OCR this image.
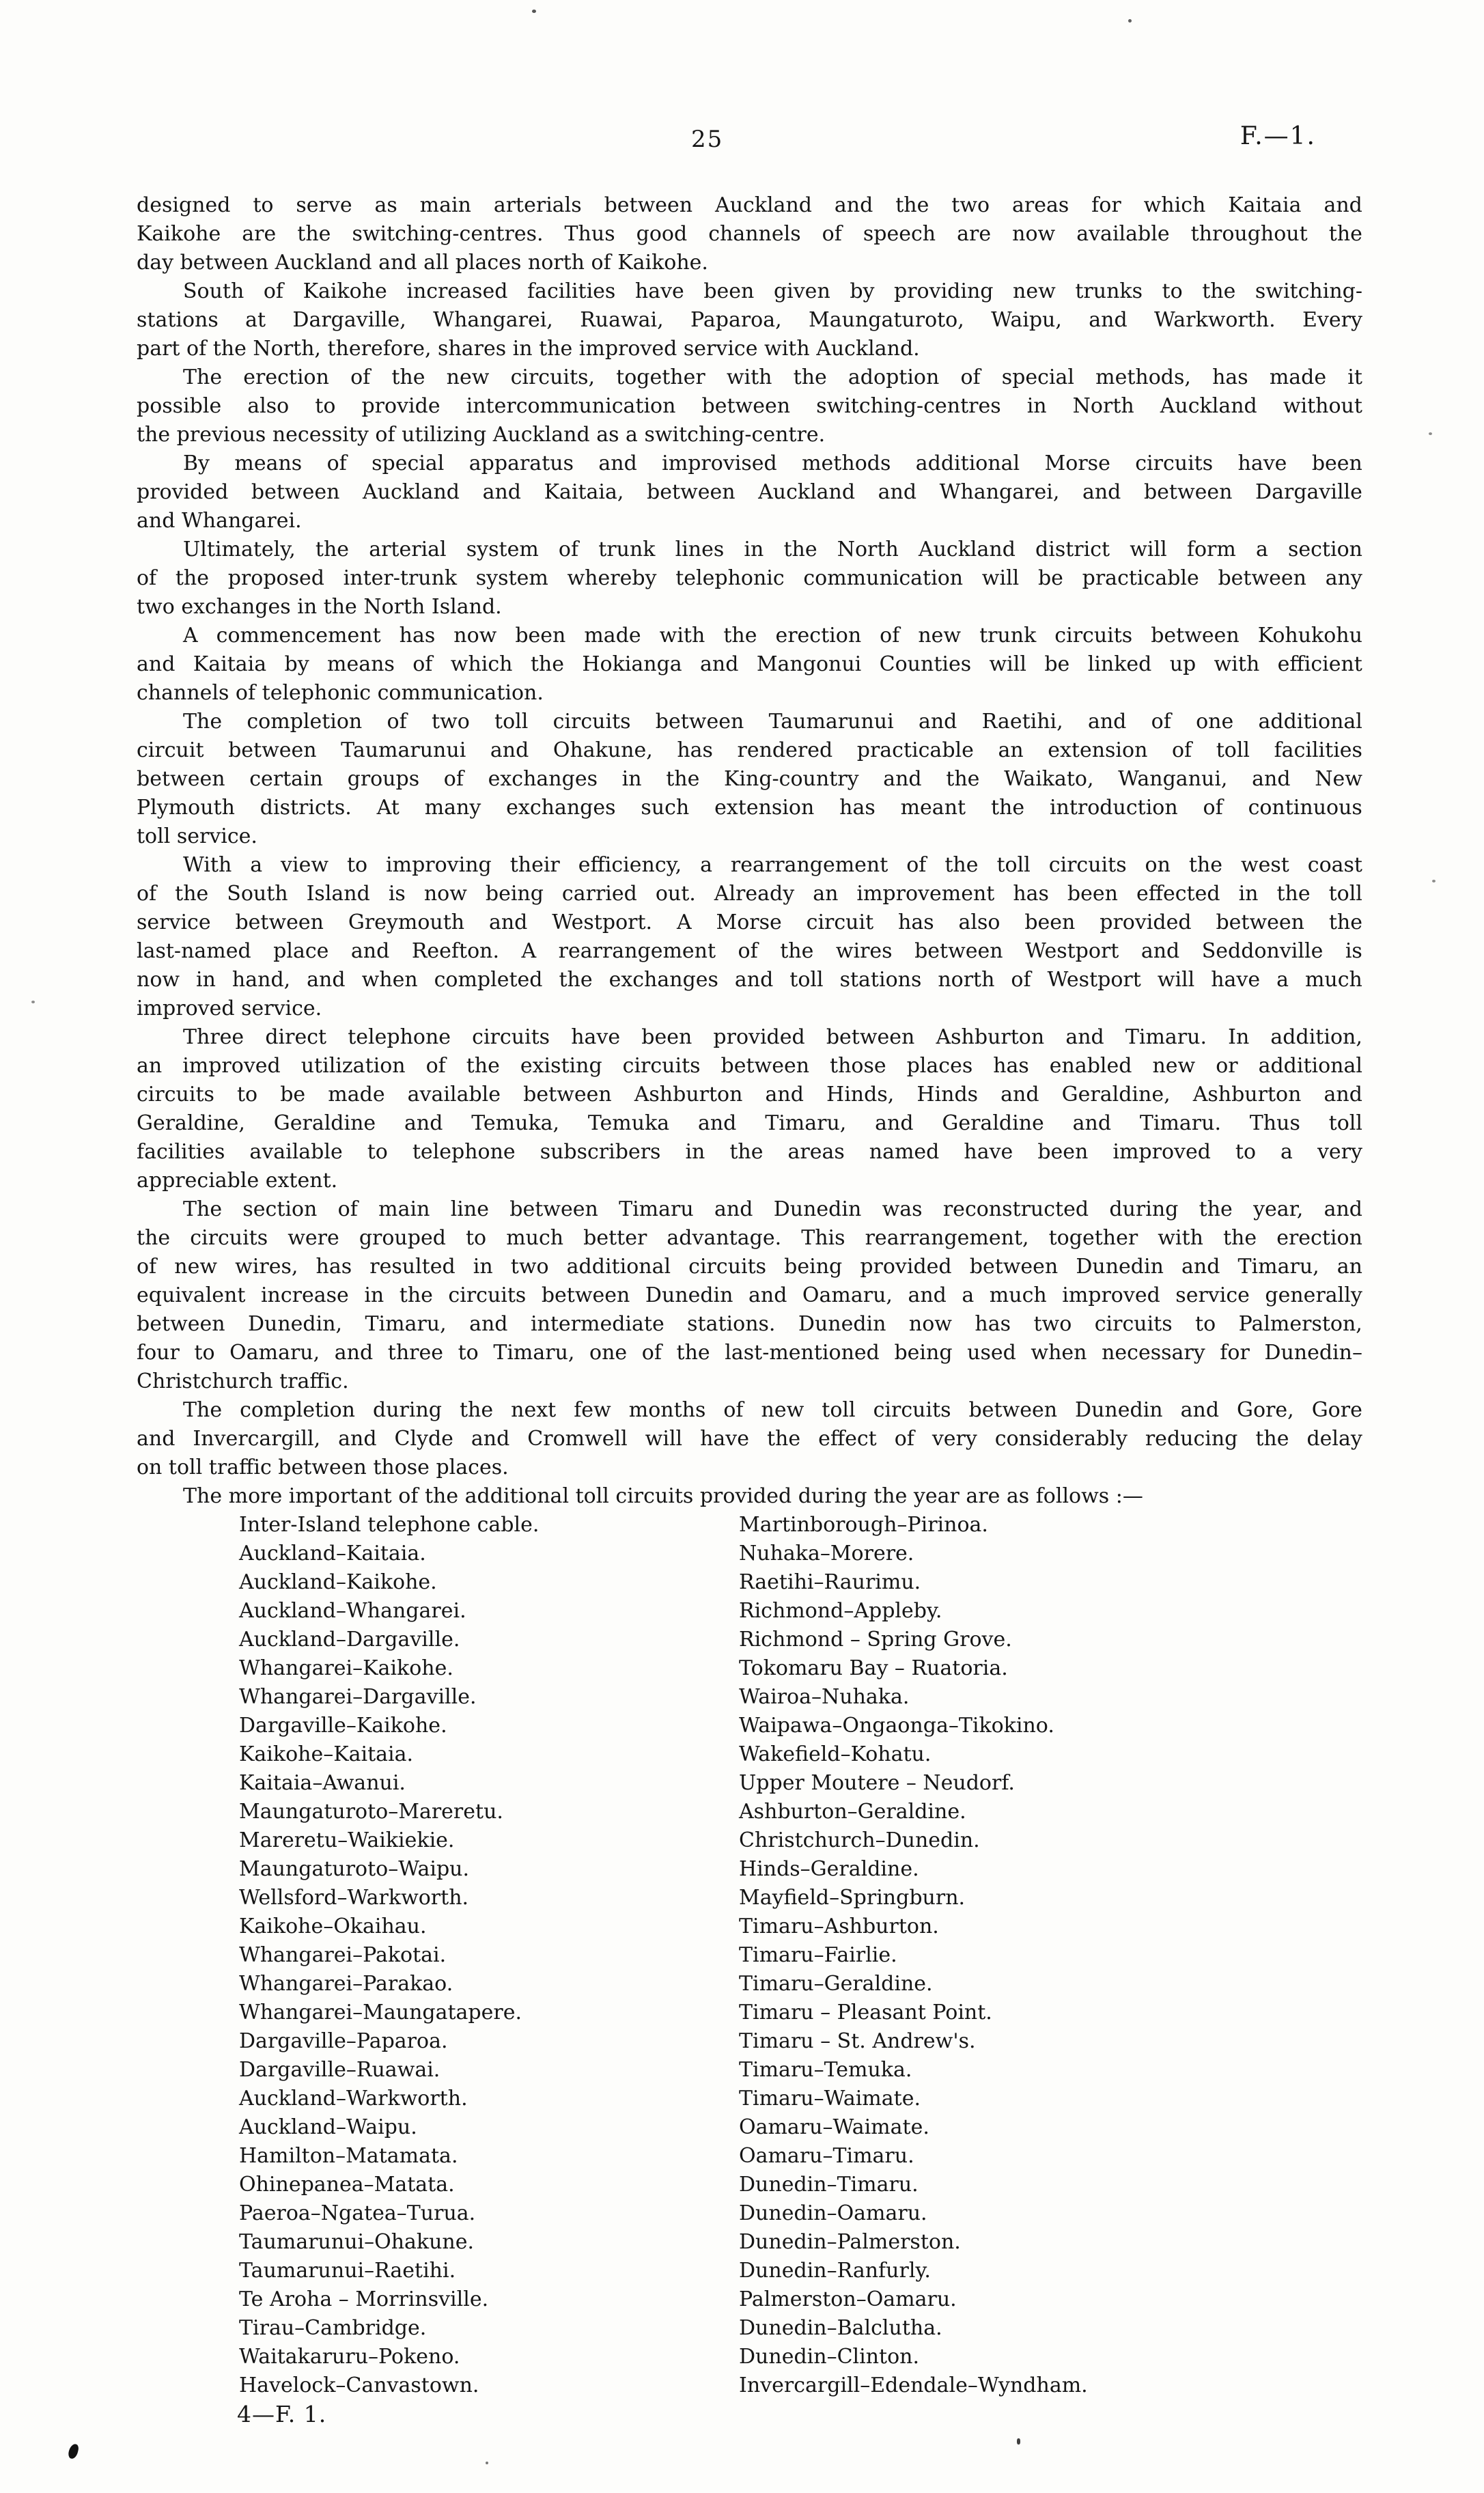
25	F.—1.
designed to serve as main arterials between Auckland and the two areas for which Kaitaia and
Kaikohe are the switching-centres. Thus good channels of speech are now available throughout the
day between Auckland and all places north of Kaikohe.
South of Kaikohe increased facilities have been given by providing new trunks to the switching-
stations at Dargaville, Whangarei, Ruawai, Paparoa, Maungaturoto, Waipu, and Warkworth. Every
part of the North, therefore, shares in the improved service with Auckland.
The erection of the new circuits, together with the adoption of special methods, has made it
possible also to provide intercommunication between switching-centres in North Auckland without
the previous necessity of utilizing Auckland as a switching-centre.
By means of special apparatus and improvised methods additional Morse circuits have been
provided between Auckland and Kaitaia, between Auckland and Whangarei, and between Dargaville
and Whangarei.
Ultimately, the arterial system of trunk lines in the North Auckland district will form a section
of the proposed inter-trunk system whereby telephonic communication will be practicable between any
two exchanges in the North Island.
A commencement has now been made with the erection of new trunk circuits between Kohukohu
and Kaitaia by means of which the Hokianga and Mangonui Counties will be linked up with efficient
channels of telephonic communication.
The completion of two toll circuits between Taumarunui and Raetihi, and of one additional
circuit between Taumarunui and Ohakune, has rendered practicable an extension of toll facilities
between certain groups of exchanges in the King-country and the Waikato, Wanganui, and New
Plymouth districts. At many exchanges such extension has meant the introduction of continuous
toll service.
With a view to improving their efficiency, a rearrangement of the toll circuits on the west coast
of the South Island is now being carried out. Already an improvement has been effected in the toll
service between Greymouth and Westport. A Morse circuit has also been provided between the
last-named place and Reefton. A rearrangement of the wires between Westport and Seddonville is
now in hand, and when completed the exchanges and toll stations north of Westport will have a much
improved service.
Three direct telephone circuits have been provided between Ashburton and Timaru. In addition,
an improved utilization of the existing circuits between those places has enabled new or additional
circuits to be made available between Ashburton and Hinds, Hinds and Geraldine, Ashburton and
Geraldine, Geraldine and Temuka, Temuka and Timaru, and Geraldine and Timaru. Thus toll
facilities available to telephone subscribers in the areas named have been improved to a very
appreciable extent.
The section of main line between Timaru and Dunedin was reconstructed during the year, and
the circuits were grouped to much better advantage. This rearrangement, together with the erection
of new wires, has resulted in two additional circuits being provided between Dunedin and Timaru, an
equivalent increase in the circuits between Dunedin and Oamaru, and a much improved service generally
between Dunedin, Timaru, and intermediate stations. Dunedin now has two circuits to Palmerston,
four to Oamaru, and three to Timaru, one of the last-mentioned being used when necessary for Dunedin–
Christchurch traffic.
The completion during the next few months of new toll circuits between Dunedin and Gore, Gore
and Invercargill, and Clyde and Cromwell will have the effect of very considerably reducing the delay
on toll traffic between those places.
The more important of the additional toll circuits provided during the year are as follows :—
Inter-Island telephone cable.	Martinborough–Pirinoa.
Auckland–Kaitaia.	Nuhaka–Morere.
Auckland–Kaikohe.	Raetihi–Raurimu.
Auckland–Whangarei.	Richmond–Appleby.
Auckland–Dargaville.	Richmond – Spring Grove.
Whangarei–Kaikohe.	Tokomaru Bay – Ruatoria.
Whangarei–Dargaville.	Wairoa–Nuhaka.
Dargaville–Kaikohe.	Waipawa–Ongaonga–Tikokino.
Kaikohe–Kaitaia.	Wakefield–Kohatu.
Kaitaia–Awanui.	Upper Moutere – Neudorf.
Maungaturoto–Mareretu.	Ashburton–Geraldine.
Mareretu–Waikiekie.	Christchurch–Dunedin.
Maungaturoto–Waipu.	Hinds–Geraldine.
Wellsford–Warkworth.	Mayfield–Springburn.
Kaikohe–Okaihau.	Timaru–Ashburton.
Whangarei–Pakotai.	Timaru–Fairlie.
Whangarei–Parakao.	Timaru–Geraldine.
Whangarei–Maungatapere.	Timaru – Pleasant Point.
Dargaville–Paparoa.	Timaru – St. Andrew's.
Dargaville–Ruawai.	Timaru–Temuka.
Auckland–Warkworth.	Timaru–Waimate.
Auckland–Waipu.	Oamaru–Waimate.
Hamilton–Matamata.	Oamaru–Timaru.
Ohinepanea–Matata.	Dunedin–Timaru.
Paeroa–Ngatea–Turua.	Dunedin–Oamaru.
Taumarunui–Ohakune.	Dunedin–Palmerston.
Taumarunui–Raetihi.	Dunedin–Ranfurly.
Te Aroha – Morrinsville.	Palmerston–Oamaru.
Tirau–Cambridge.	Dunedin–Balclutha.
Waitakaruru–Pokeno.	Dunedin–Clinton.
Havelock–Canvastown.	Invercargill–Edendale–Wyndham.
4—F. 1.
